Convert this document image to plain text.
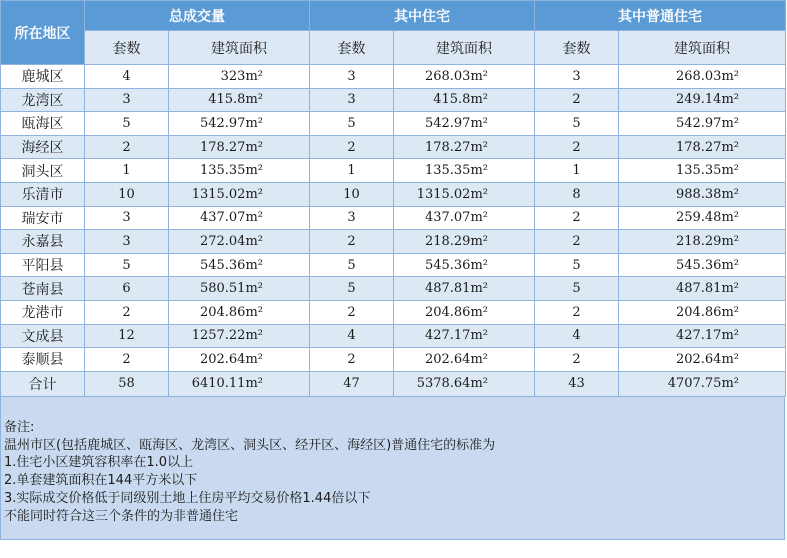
所在地区	总成交量		其中住宅		其中普通住宅	
	套数	建筑面积	套数	建筑面积	套数	建筑面积
鹿城区	4	323m²	3	268.03m²	3	268.03m²
龙湾区	3	415.8m²	3	415.8m²	2	249.14m²
瓯海区	5	542.97m²	5	542.97m²	5	542.97m²
海经区	2	178.27m²	2	178.27m²	2	178.27m²
洞头区	1	135.35m²	1	135.35m²	1	135.35m²
乐清市	10	1315.02m²	10	1315.02m²	8	988.38m²
瑞安市	3	437.07m²	3	437.07m²	2	259.48m²
永嘉县	3	272.04m²	2	218.29m²	2	218.29m²
平阳县	5	545.36m²	5	545.36m²	5	545.36m²
苍南县	6	580.51m²	5	487.81m²	5	487.81m²
龙港市	2	204.86m²	2	204.86m²	2	204.86m²
文成县	12	1257.22m²	4	427.17m²	4	427.17m²
泰顺县	2	202.64m²	2	202.64m²	2	202.64m²
合计	58	6410.11m²	47	5378.64m²	43	4707.75m²
备注:
温州市区(包括鹿城区、瓯海区、龙湾区、洞头区、经开区、海经区)普通住宅的标准为
1.住宅小区建筑容积率在1.0以上
2.单套建筑面积在144平方米以下
3.实际成交价格低于同级别土地上住房平均交易价格1.44倍以下
不能同时符合这三个条件的为非普通住宅
